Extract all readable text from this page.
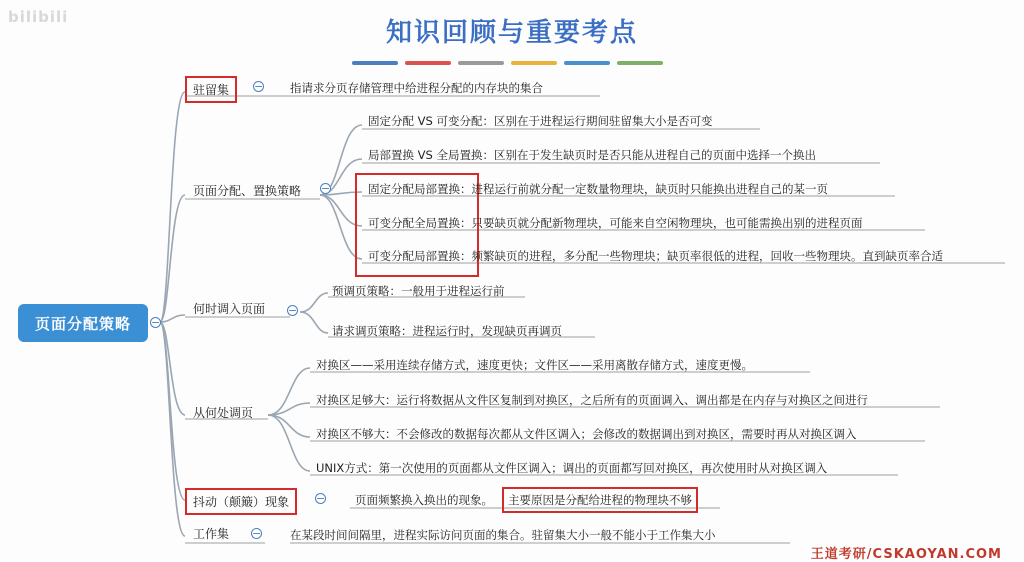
bilibili
知识回顾与重要考点
页面分配策略	−
驻留集	− 指请求分页存储管理中给进程分配的内存块的集合
页面分配、置换策略 −
固定分配 VS 可变分配：区别在于进程运行期间驻留集大小是否可变
局部置换 VS 全局置换：区别在于发生缺页时是否只能从进程自己的页面中选择一个换出
固定分配局部置换：进程运行前就分配一定数量物理块，缺页时只能换出进程自己的某一页
可变分配全局置换：只要缺页就分配新物理块，可能来自空闲物理块，也可能需换出别的进程页面
可变分配局部置换：频繁缺页的进程，多分配一些物理块；缺页率很低的进程，回收一些物理块。直到缺页率合适
何时调入页面 −
预调页策略：一般用于进程运行前
请求调页策略：进程运行时，发现缺页再调页
从何处调页
对换区——采用连续存储方式，速度更快；文件区——采用离散存储方式，速度更慢。
对换区足够大：运行将数据从文件区复制到对换区，之后所有的页面调入、调出都是在内存与对换区之间进行
对换区不够大：不会修改的数据每次都从文件区调入；会修改的数据调出到对换区，需要时再从对换区调入
UNIX方式：第一次使用的页面都从文件区调入；调出的页面都写回对换区，再次使用时从对换区调入
抖动（颠簸）现象	−	页面频繁换入换出的现象。	主要原因是分配给进程的物理块不够
工作集 −	在某段时间间隔里，进程实际访问页面的集合。驻留集大小一般不能小于工作集大小
王道考研/CSKAOYAN.COM
